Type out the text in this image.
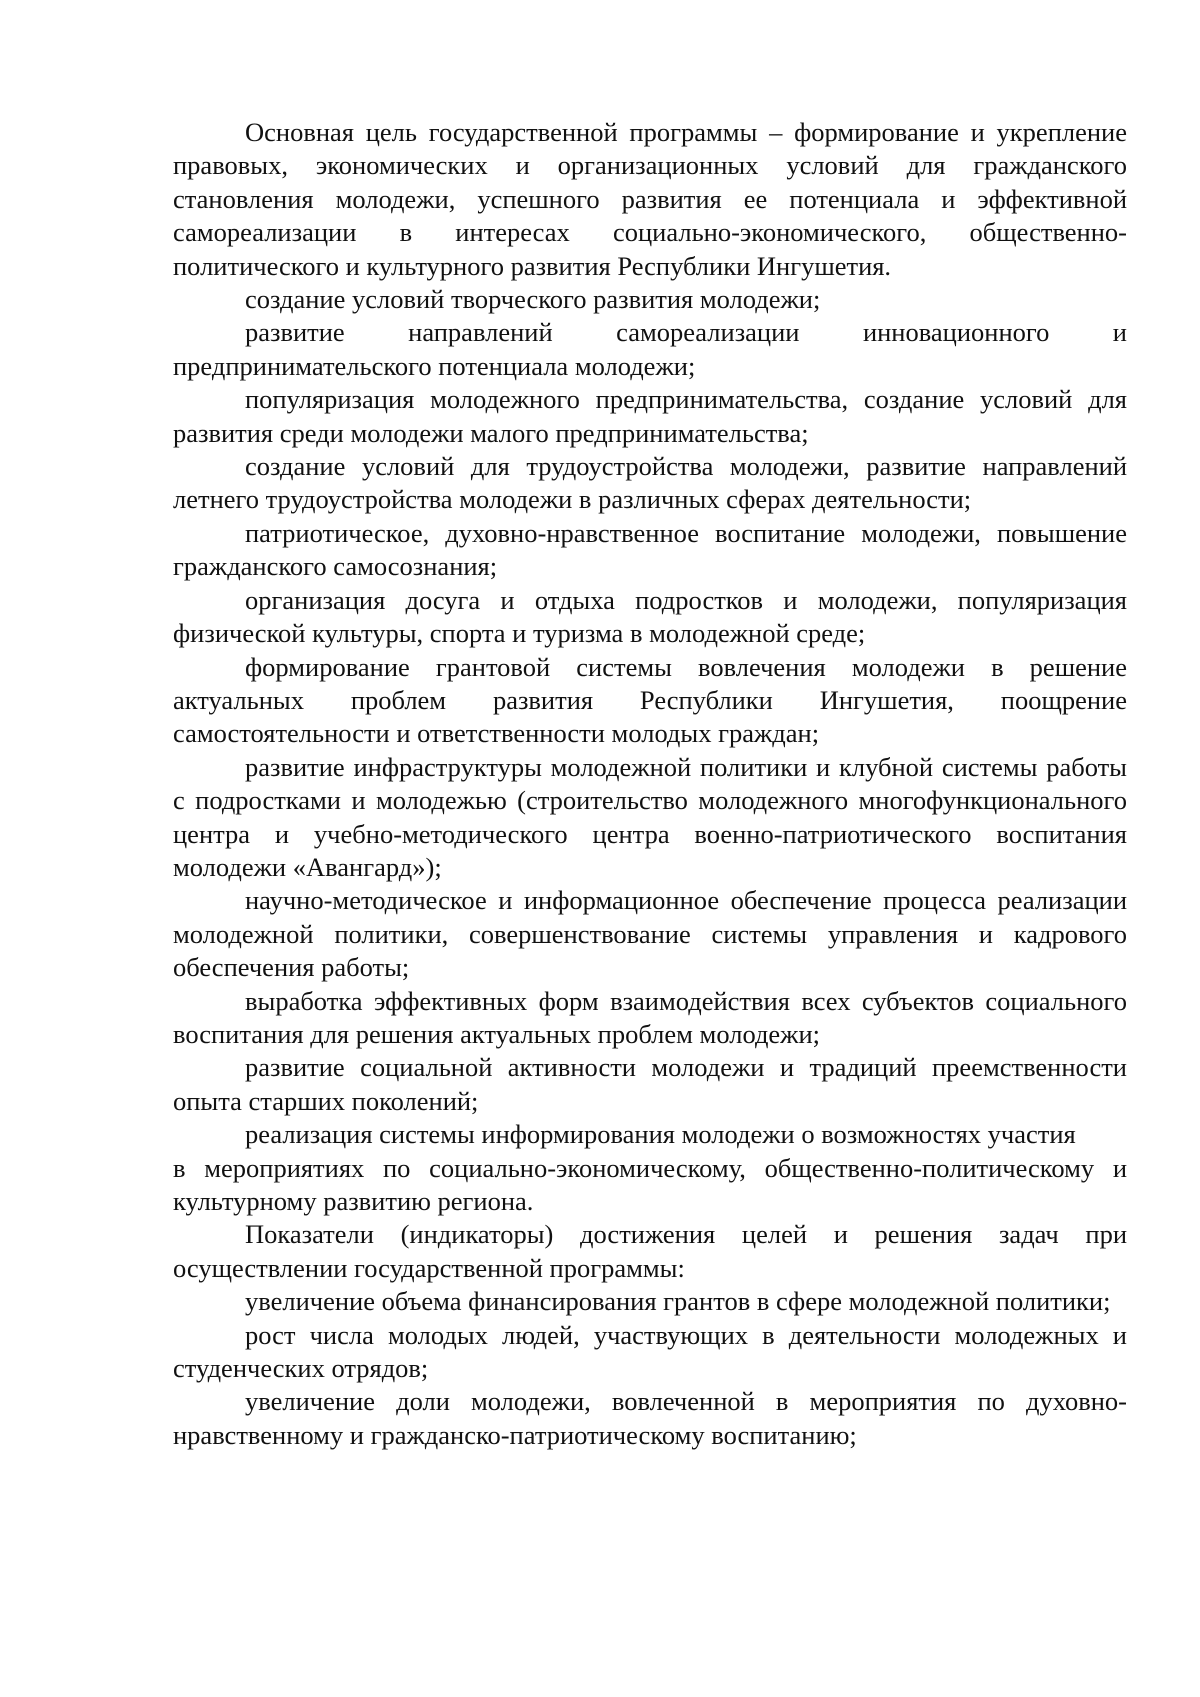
Основная цель государственной программы – формирование и укрепление правовых, экономических и организационных условий для гражданского становления молодежи, успешного развития ее потенциала и эффективной самореализации в интересах социально-экономического, общественно-политического и культурного развития Республики Ингушетия.

создание условий творческого развития молодежи;

развитие направлений самореализации инновационного и предпринимательского потенциала молодежи;

популяризация молодежного предпринимательства, создание условий для развития среди молодежи малого предпринимательства;

создание условий для трудоустройства молодежи, развитие направлений летнего трудоустройства молодежи в различных сферах деятельности;

патриотическое, духовно-нравственное воспитание молодежи, повышение гражданского самосознания;

организация досуга и отдыха подростков и молодежи, популяризация физической культуры, спорта и туризма в молодежной среде;

формирование грантовой системы вовлечения молодежи в решение актуальных проблем развития Республики Ингушетия, поощрение самостоятельности и ответственности молодых граждан;

развитие инфраструктуры молодежной политики и клубной системы работы с подростками и молодежью (строительство молодежного многофункционального центра и учебно-методического центра военно-патриотического воспитания молодежи «Авангард»);

научно-методическое и информационное обеспечение процесса реализации молодежной политики, совершенствование системы управления и кадрового обеспечения работы;

выработка эффективных форм взаимодействия всех субъектов социального воспитания для решения актуальных проблем молодежи;

развитие социальной активности молодежи и традиций преемственности опыта старших поколений;

реализация системы информирования молодежи о возможностях участия

в мероприятиях по социально-экономическому, общественно-политическому и культурному развитию региона.

Показатели (индикаторы) достижения целей и решения задач при осуществлении государственной программы:

увеличение объема финансирования грантов в сфере молодежной политики;

рост числа молодых людей, участвующих в деятельности молодежных и студенческих отрядов;

увеличение доли молодежи, вовлеченной в мероприятия по духовно-нравственному и гражданско-патриотическому воспитанию;
